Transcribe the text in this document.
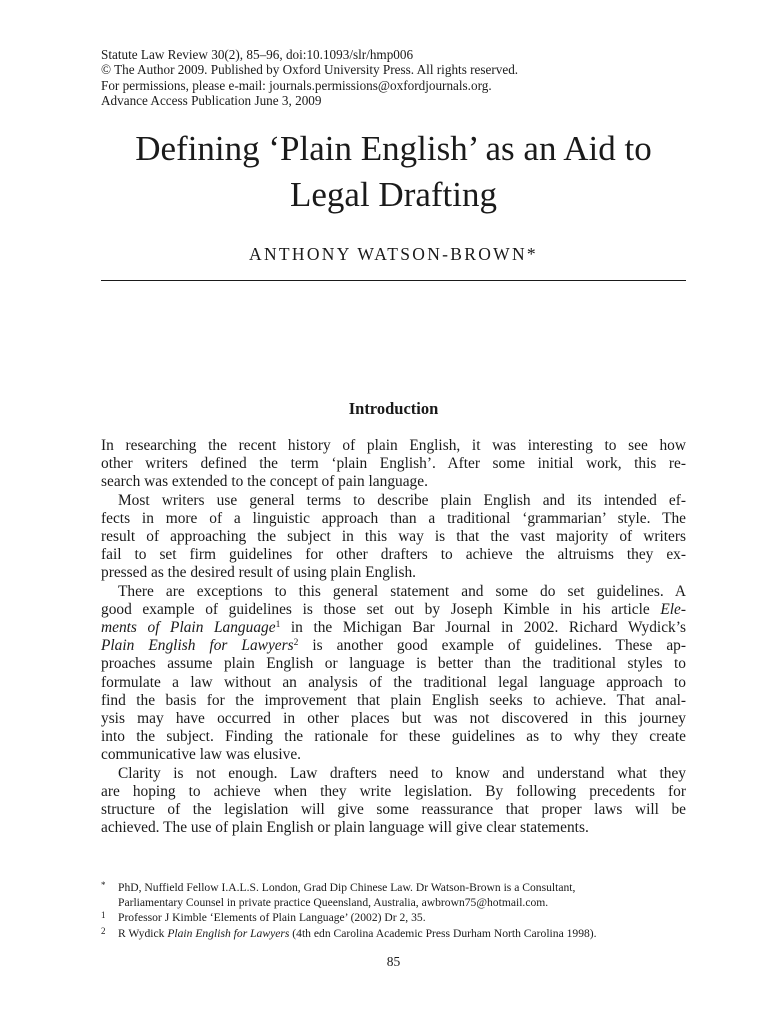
Statute Law Review 30(2), 85–96, doi:10.1093/slr/hmp006
© The Author 2009. Published by Oxford University Press. All rights reserved.
For permissions, please e-mail: journals.permissions@oxfordjournals.org.
Advance Access Publication June 3, 2009
Defining ‘Plain English’ as an Aid to
Legal Drafting
ANTHONY WATSON-BROWN*
Introduction
In researching the recent history of plain English, it was interesting to see how
other writers defined the term ‘plain English’. After some initial work, this re-
search was extended to the concept of pain language.
Most writers use general terms to describe plain English and its intended ef-
fects in more of a linguistic approach than a traditional ‘grammarian’ style. The
result of approaching the subject in this way is that the vast majority of writers
fail to set firm guidelines for other drafters to achieve the altruisms they ex-
pressed as the desired result of using plain English.
There are exceptions to this general statement and some do set guidelines. A
good example of guidelines is those set out by Joseph Kimble in his article Ele-
ments of Plain Language$^1$ in the Michigan Bar Journal in 2002. Richard Wydick’s
Plain English for Lawyers$^2$ is another good example of guidelines. These ap-
proaches assume plain English or language is better than the traditional styles to
formulate a law without an analysis of the traditional legal language approach to
find the basis for the improvement that plain English seeks to achieve. That anal-
ysis may have occurred in other places but was not discovered in this journey
into the subject. Finding the rationale for these guidelines as to why they create
communicative law was elusive.
Clarity is not enough. Law drafters need to know and understand what they
are hoping to achieve when they write legislation. By following precedents for
structure of the legislation will give some reassurance that proper laws will be
achieved. The use of plain English or plain language will give clear statements.
* PhD, Nuffield Fellow I.A.L.S. London, Grad Dip Chinese Law. Dr Watson-Brown is a Consultant,
Parliamentary Counsel in private practice Queensland, Australia, awbrown75@hotmail.com.
1 Professor J Kimble ‘Elements of Plain Language’ (2002) Dr 2, 35.
2 R Wydick Plain English for Lawyers (4th edn Carolina Academic Press Durham North Carolina 1998).
85
